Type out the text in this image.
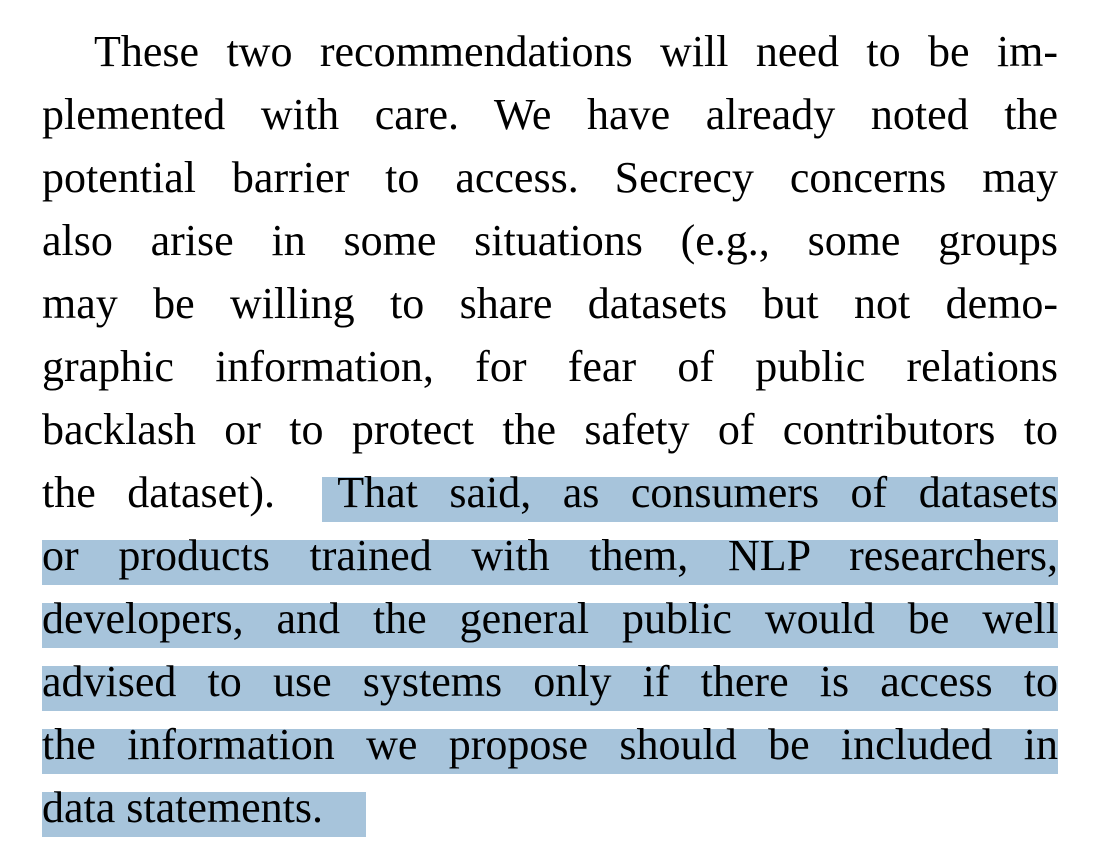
These two recommendations will need to be im-
plemented with care. We have already noted the
potential barrier to access. Secrecy concerns may
also arise in some situations (e.g., some groups
may be willing to share datasets but not demo-
graphic information, for fear of public relations
backlash or to protect the safety of contributors to
the dataset).  That said, as consumers of datasets
or products trained with them, NLP researchers,
developers, and the general public would be well
advised to use systems only if there is access to
the information we propose should be included in
data statements.
